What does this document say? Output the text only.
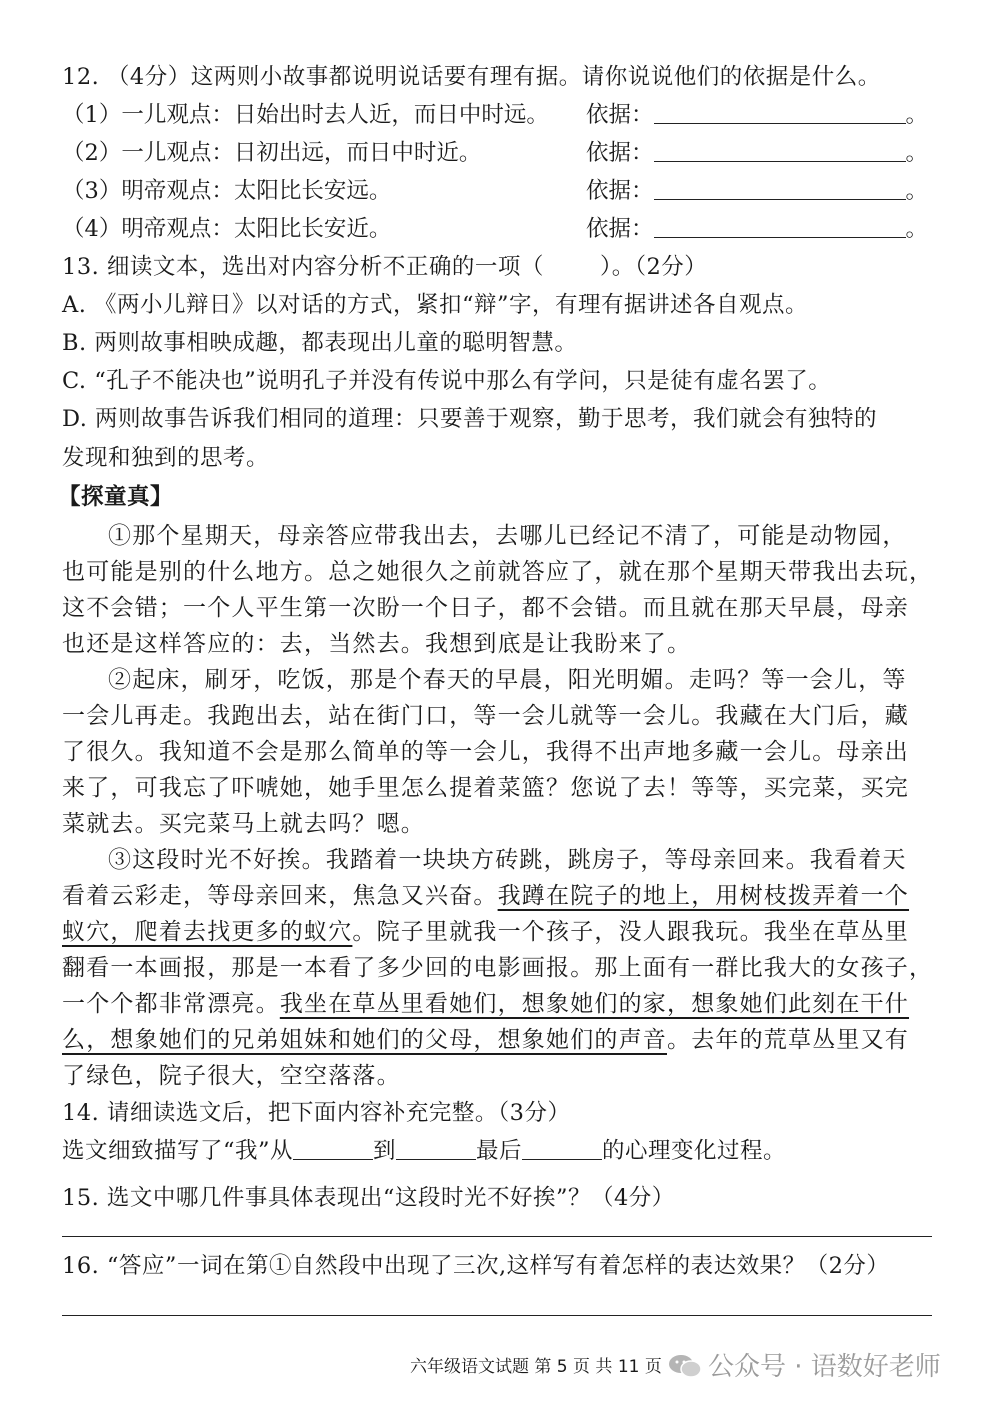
12. （4分）这两则小故事都说明说话要有理有据。请你说说他们的依据是什么。
（1）一儿观点：日始出时去人近，而日中时远。 依据：	。
（2）一儿观点：日初出远，而日中时近。	依据：	。
（3）明帝观点：太阳比长安远。	依据：	。
（4）明帝观点：太阳比长安近。	依据：	。
13. 细读文本，选出对内容分析不正确的一项（ ）。（2分）
A. 《两小儿辩日》以对话的方式，紧扣“辩”字，有理有据讲述各自观点。
B. 两则故事相映成趣，都表现出儿童的聪明智慧。
C. “孔子不能决也”说明孔子并没有传说中那么有学问，只是徒有虚名罢了。
D. 两则故事告诉我们相同的道理：只要善于观察，勤于思考，我们就会有独特的
发现和独到的思考。
【探童真】
①那个星期天，母亲答应带我出去，去哪儿已经记不清了，可能是动物园，
也可能是别的什么地方。总之她很久之前就答应了，就在那个星期天带我出去玩，
这不会错；一个人平生第一次盼一个日子，都不会错。而且就在那天早晨，母亲
也还是这样答应的：去，当然去。我想到底是让我盼来了。
②起床，刷牙，吃饭，那是个春天的早晨，阳光明媚。走吗？等一会儿，等
一会儿再走。我跑出去，站在街门口，等一会儿就等一会儿。我藏在大门后，藏
了很久。我知道不会是那么简单的等一会儿，我得不出声地多藏一会儿。母亲出
来了，可我忘了吓唬她，她手里怎么提着菜篮？您说了去！等等，买完菜，买完
菜就去。买完菜马上就去吗？嗯。
③这段时光不好挨。我踏着一块块方砖跳，跳房子，等母亲回来。我看着天
看着云彩走，等母亲回来，焦急又兴奋。我蹲在院子的地上，用树枝拨弄着一个
蚁穴，爬着去找更多的蚁穴。院子里就我一个孩子，没人跟我玩。我坐在草丛里
翻看一本画报，那是一本看了多少回的电影画报。那上面有一群比我大的女孩子，
一个个都非常漂亮。我坐在草丛里看她们，想象她们的家，想象她们此刻在干什
么，想象她们的兄弟姐妹和她们的父母，想象她们的声音。去年的荒草丛里又有
了绿色，院子很大，空空落落。
14. 请细读选文后，把下面内容补充完整。（3分）
选文细致描写了“我”从	到	最后	的心理变化过程。
15. 选文中哪几件事具体表现出“这段时光不好挨”？（4分）
16. “答应”一词在第①自然段中出现了三次,这样写有着怎样的表达效果？（2分）
六年级语文试题 第 5 页 共 11 页	公众号 · 语数好老师
